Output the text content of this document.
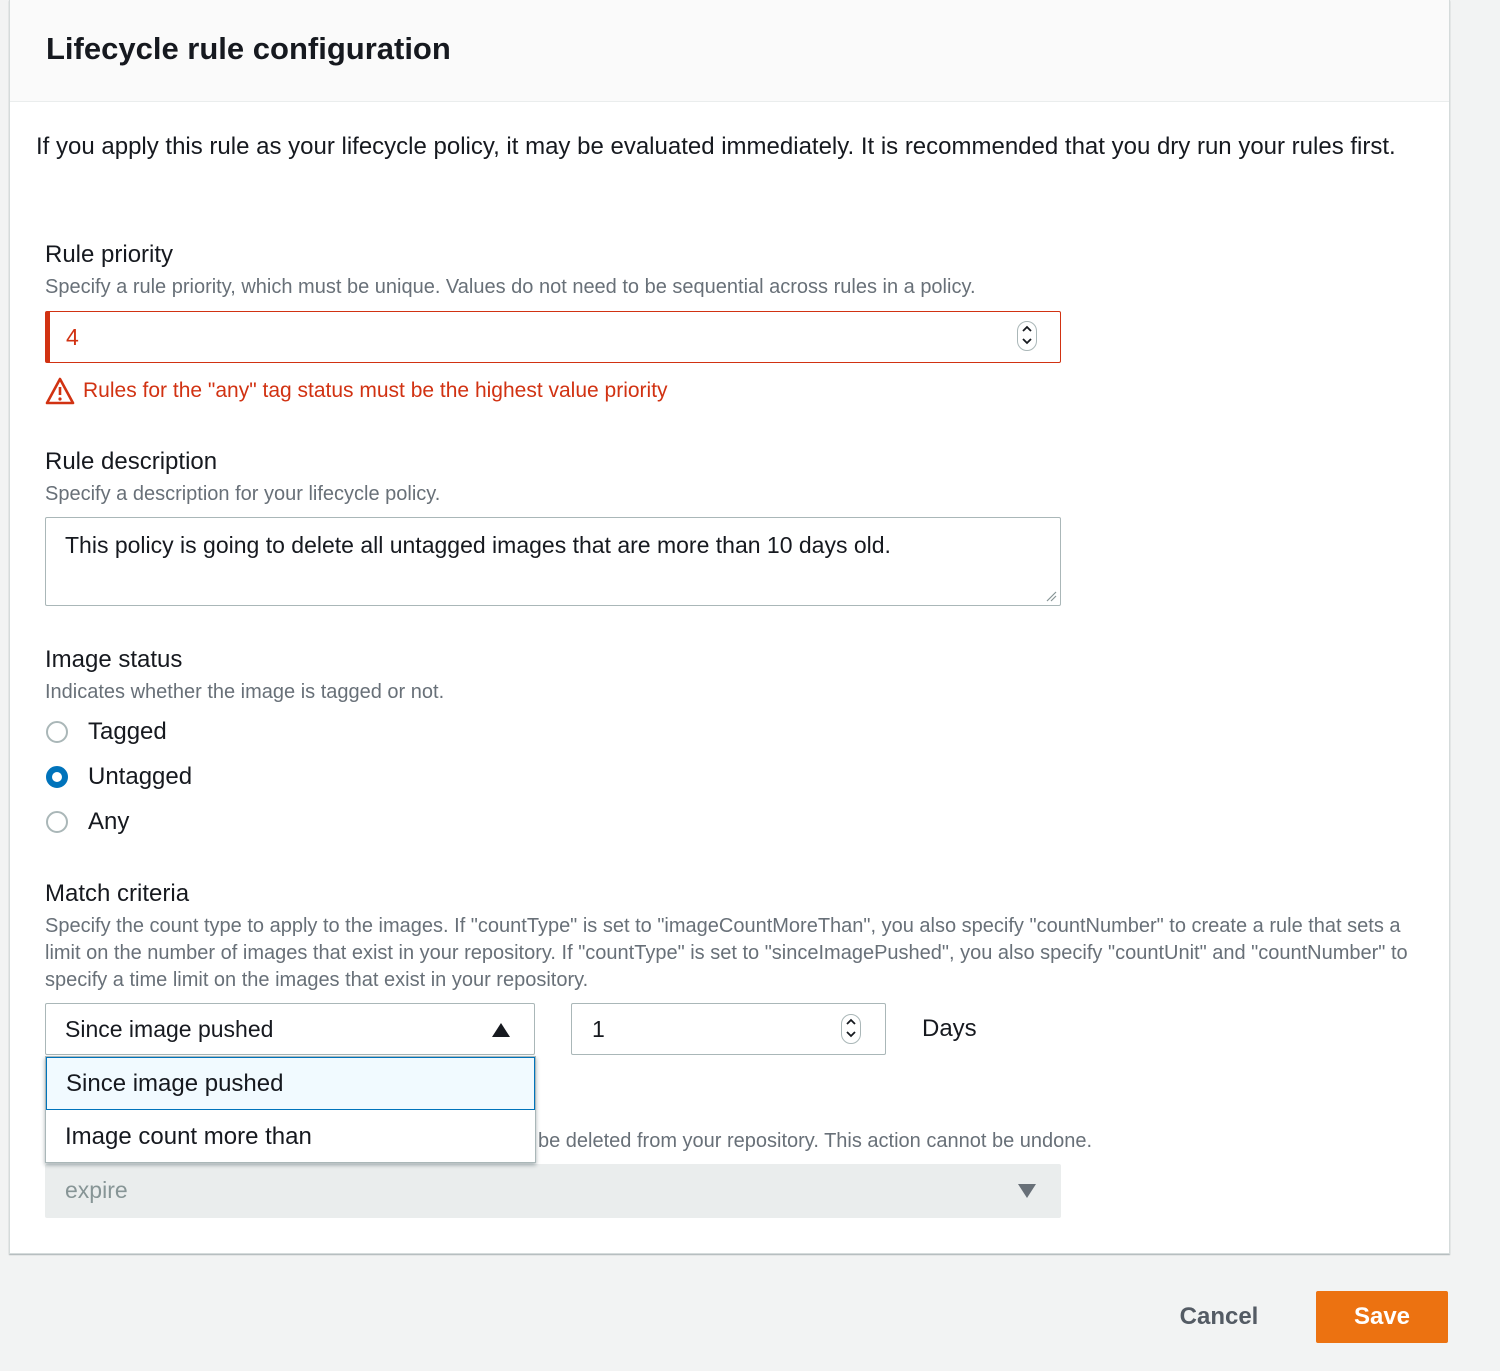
Lifecycle rule configuration
If you apply this rule as your lifecycle policy, it may be evaluated immediately. It is recommended that you dry run your rules first.
Rule priority
Specify a rule priority, which must be unique. Values do not need to be sequential across rules in a policy.
4
Rules for the "any" tag status must be the highest value priority
Rule description
Specify a description for your lifecycle policy.
This policy is going to delete all untagged images that are more than 10 days old.
Image status
Indicates whether the image is tagged or not.
Tagged
Untagged
Any
Match criteria
Specify the count type to apply to the images. If "countType" is set to "imageCountMoreThan", you also specify "countNumber" to create a rule that sets a limit on the number of images that exist in your repository. If "countType" is set to "sinceImagePushed", you also specify "countUnit" and "countNumber" to specify a time limit on the images that exist in your repository.
Since image pushed	1	Days
be deleted from your repository. This action cannot be undone.
expire
Since image pushed
Image count more than
Cancel	Save
